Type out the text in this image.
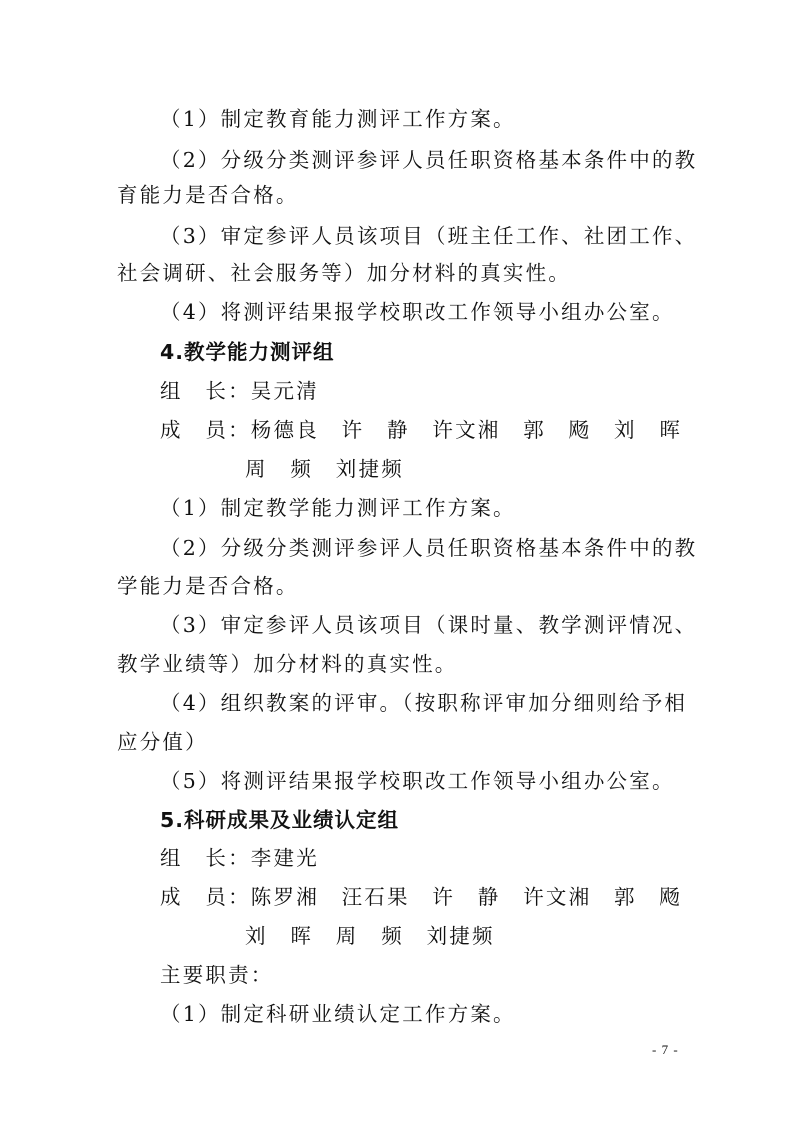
（1）制定教育能力测评工作方案。
（2）分级分类测评参评人员任职资格基本条件中的教
育能力是否合格。
（3）审定参评人员该项目（班主任工作、社团工作、
社会调研、社会服务等）加分材料的真实性。
（4）将测评结果报学校职改工作领导小组办公室。
4.教学能力测评组
组　长：吴元清
成　员：杨德良　许　静　许文湘　郭　飏　刘　晖
周　频　刘捷频
（1）制定教学能力测评工作方案。
（2）分级分类测评参评人员任职资格基本条件中的教
学能力是否合格。
（3）审定参评人员该项目（课时量、教学测评情况、
教学业绩等）加分材料的真实性。
（4）组织教案的评审。（按职称评审加分细则给予相
应分值）
（5）将测评结果报学校职改工作领导小组办公室。
5.科研成果及业绩认定组
组　长：李建光
成　员：陈罗湘　汪石果　许　静　许文湘　郭　飏
刘　晖　周　频　刘捷频
主要职责：
（1）制定科研业绩认定工作方案。
- 7 -
